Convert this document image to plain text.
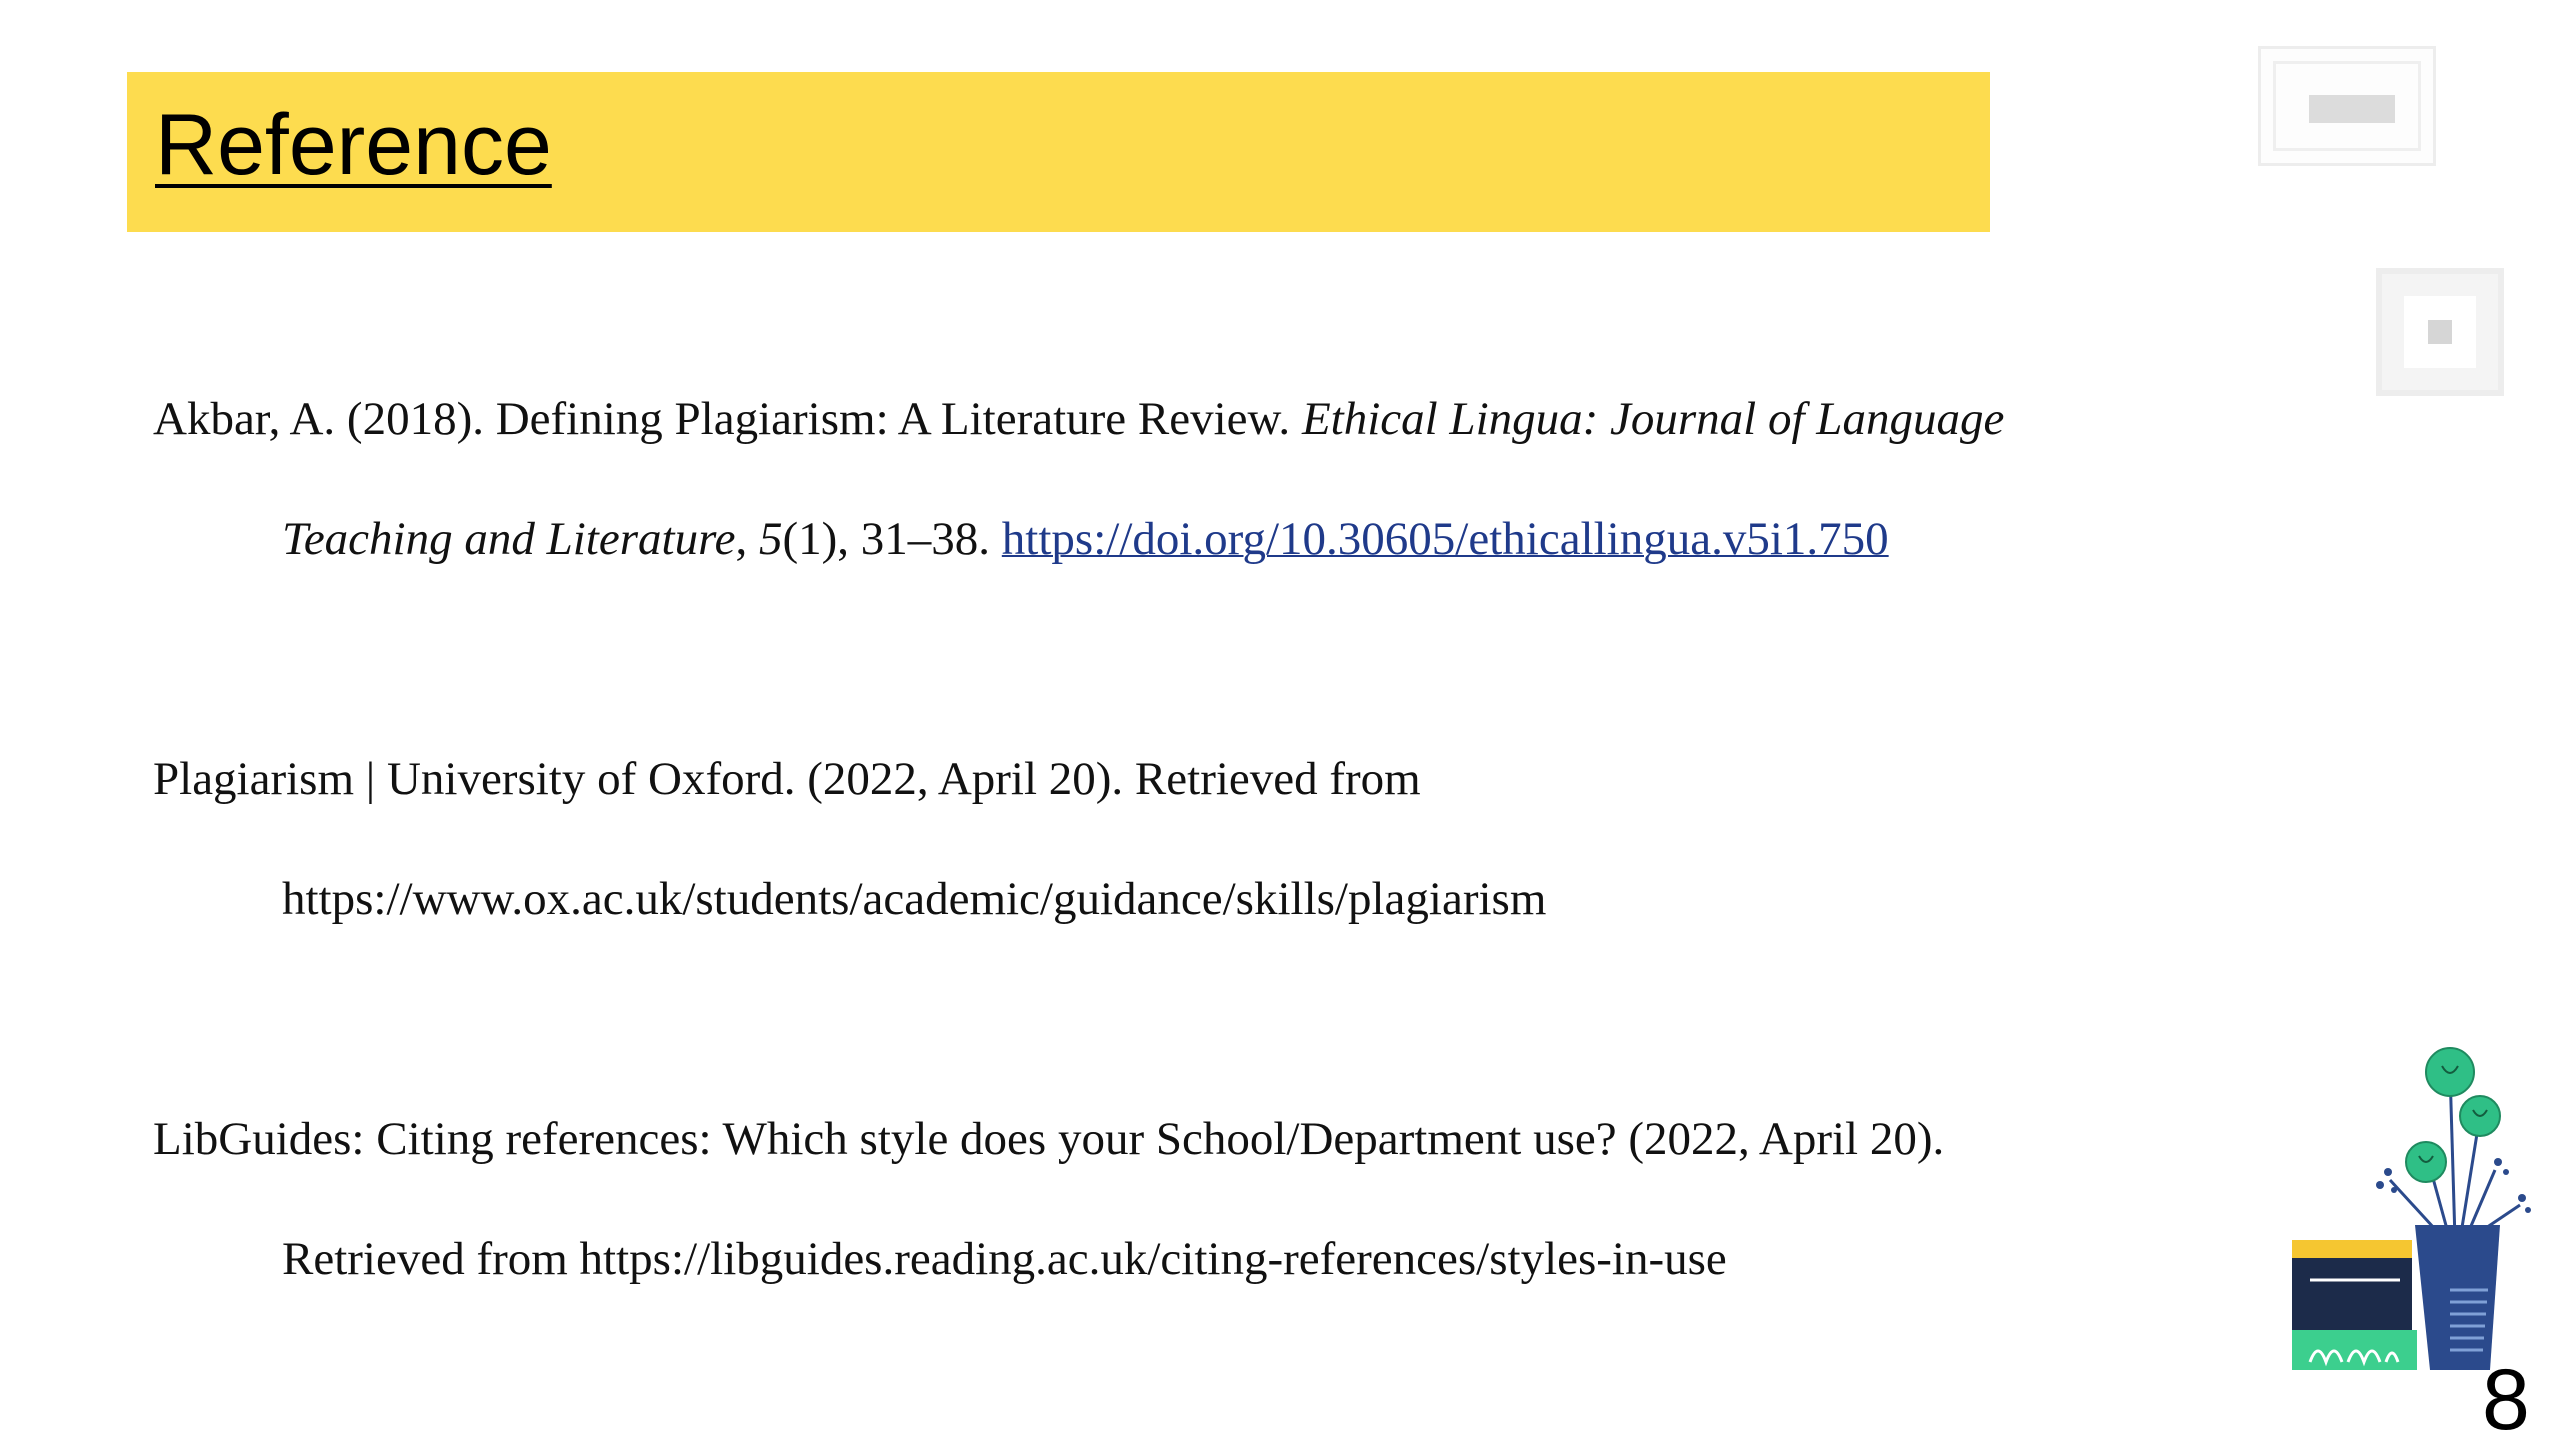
Reference
Akbar, A. (2018). Defining Plagiarism: A Literature Review. Ethical Lingua: Journal of Language
Teaching and Literature, 5(1), 31–38. https://doi.org/10.30605/ethicallingua.v5i1.750
Plagiarism | University of Oxford. (2022, April 20). Retrieved from
https://www.ox.ac.uk/students/academic/guidance/skills/plagiarism
LibGuides: Citing references: Which style does your School/Department use? (2022, April 20).
Retrieved from https://libguides.reading.ac.uk/citing-references/styles-in-use
8
